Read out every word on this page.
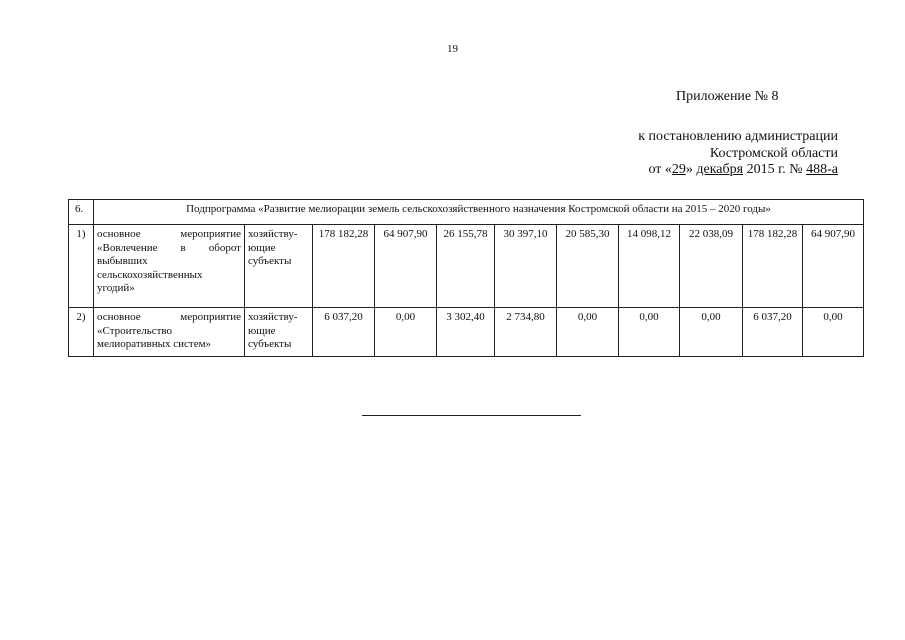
19
Приложение № 8
к постановлению администрации
Костромской области
от «29» декабря 2015 г. № 488-а
6.	Подпрограмма «Развитие мелиорации земель сельскохозяйственного назначения Костромской области на 2015 – 2020 годы»										
1)	основное мероприятие «Вовлечение в оборот выбывших сельскохозяйственных угодий»	хозяйству-ющие субъекты	178 182,28	64 907,90	26 155,78	30 397,10	20 585,30	14 098,12	22 038,09	178 182,28	64 907,90
2)	основное мероприятие «Строительство мелиоративных систем»	хозяйству-ющие субъекты	6 037,20	0,00	3 302,40	2 734,80	0,00	0,00	0,00	6 037,20	0,00
